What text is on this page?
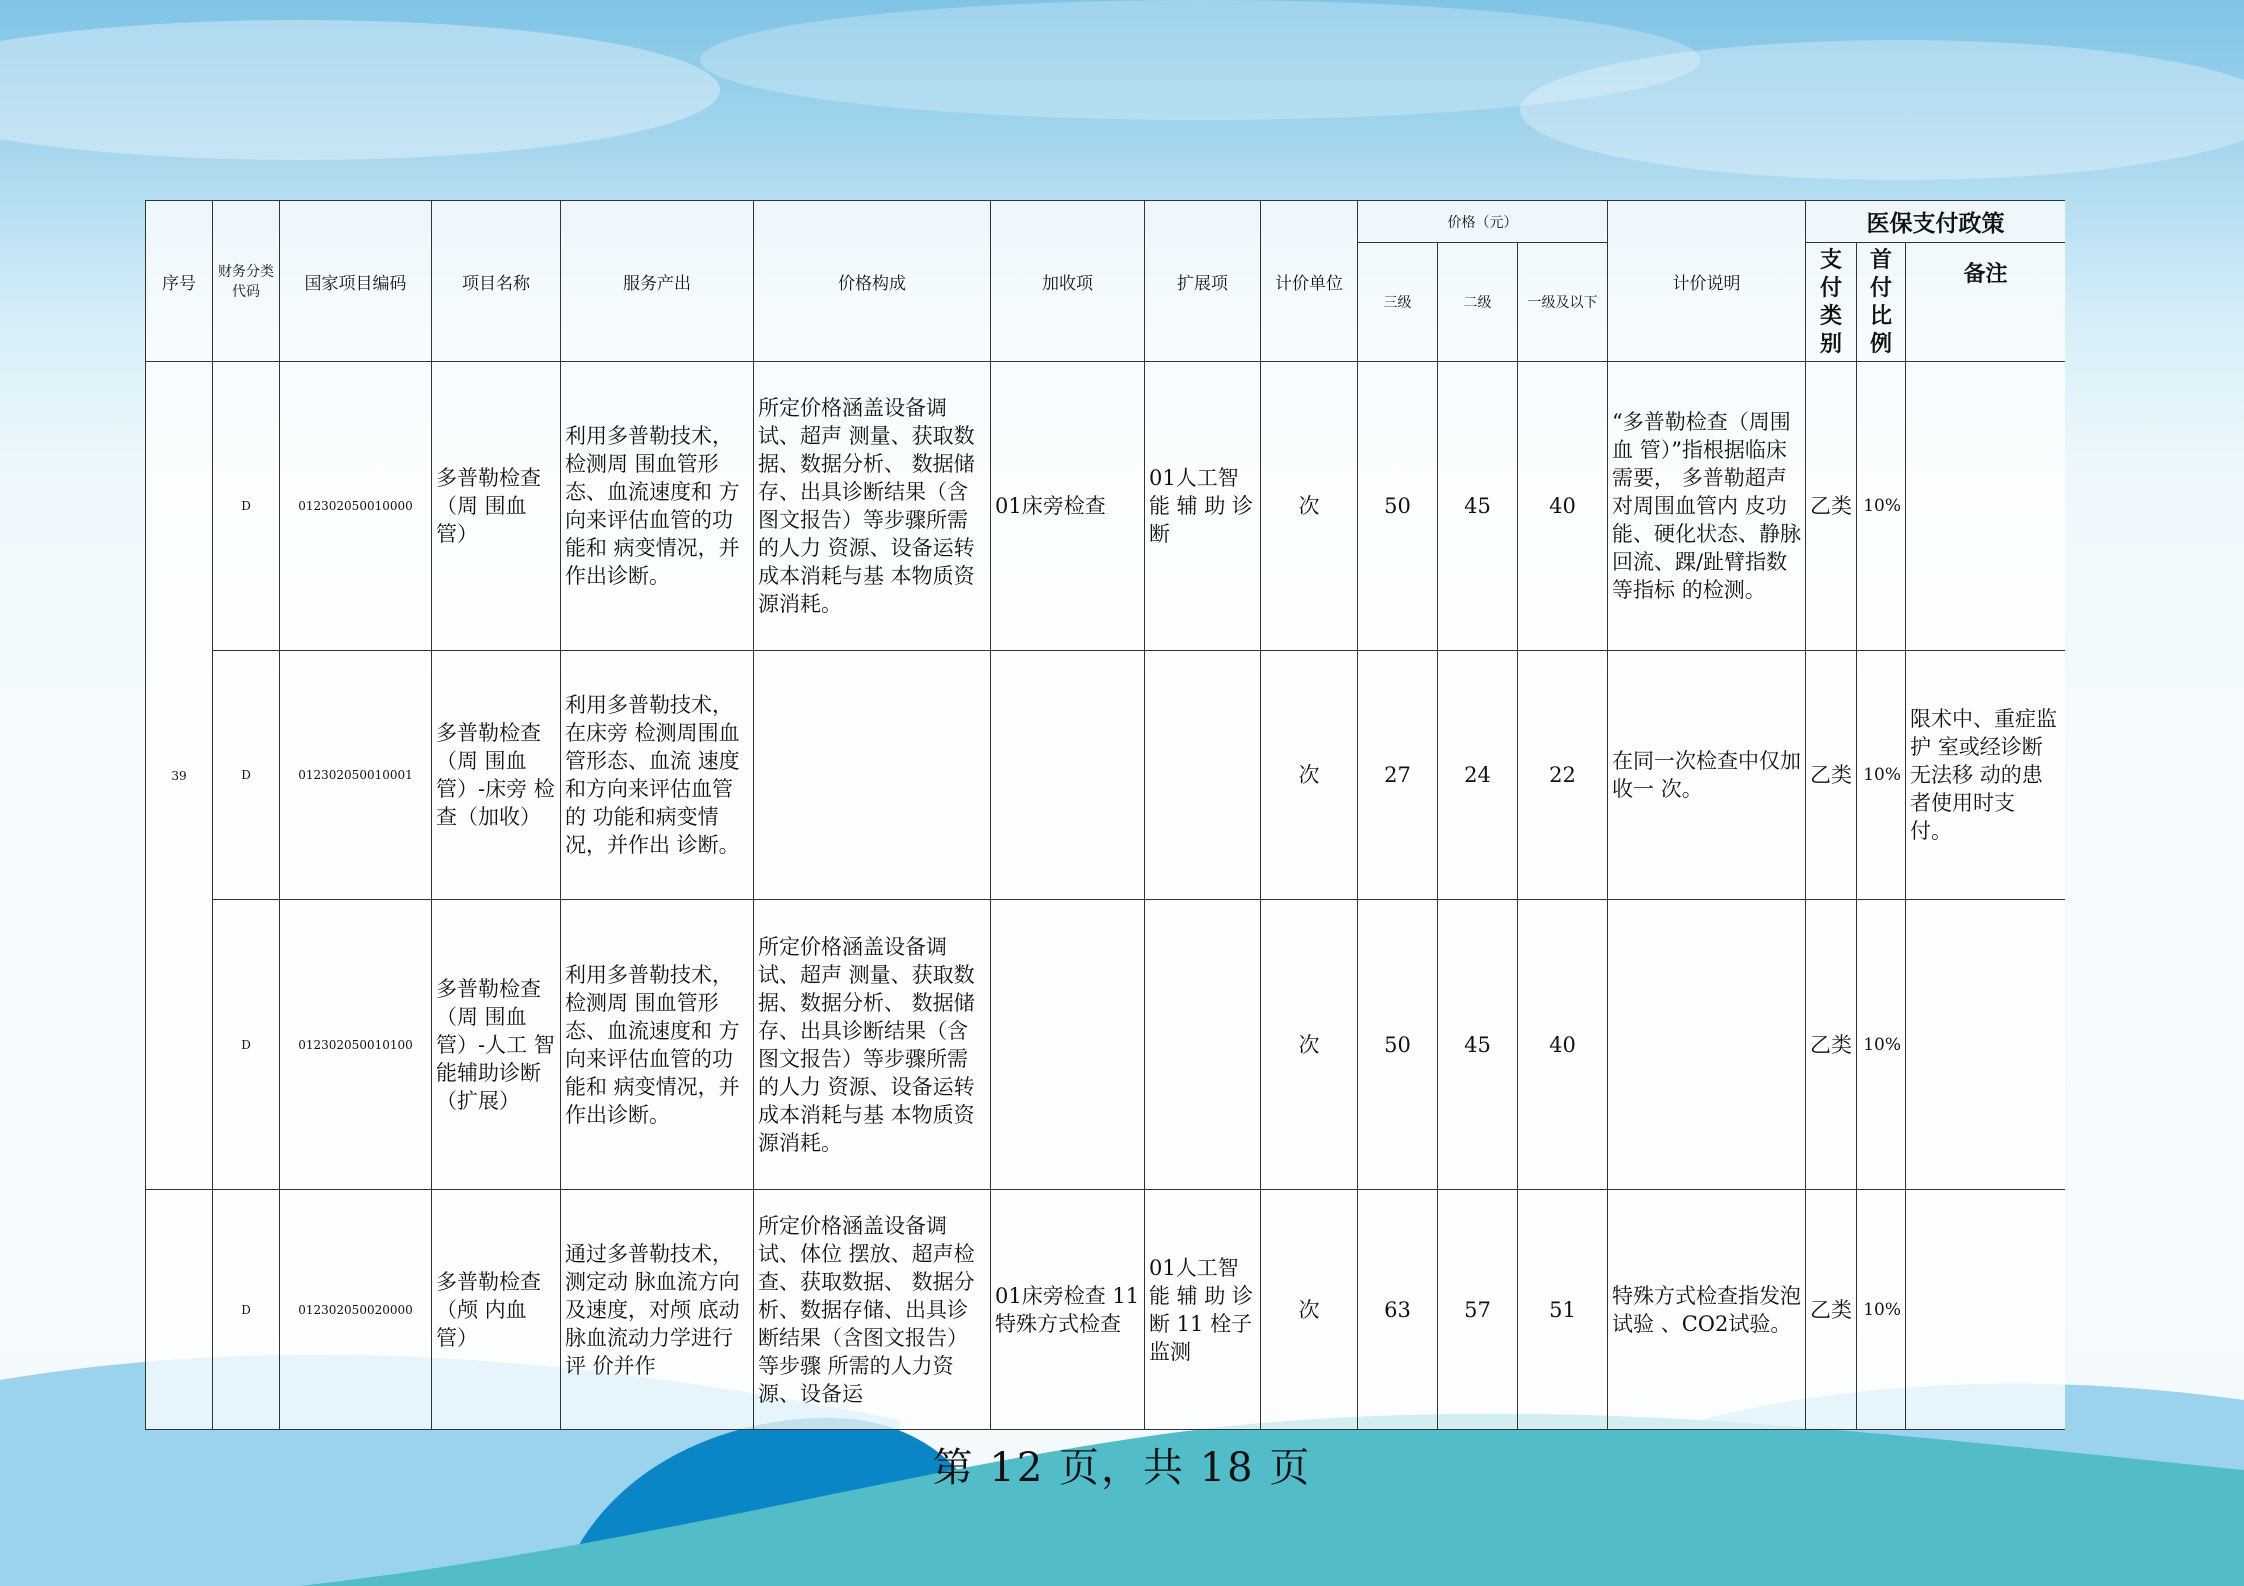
序号	财务分类代码	国家项目编码	项目名称	服务产出	价格构成	加收项	扩展项	计价单位	价格（元）			计价说明	医保支付政策		
									三级	二级	一级及以下		支付类别	首付比例	备注
39	D	012302050010000	多普勒检查（周 围血管）	利用多普勒技术，检测周 围血管形态、血流速度和 方向来评估血管的功能和 病变情况，并作出诊断。	所定价格涵盖设备调试、超声 测量、获取数据、数据分析、 数据储存、出具诊断结果（含 图文报告）等步骤所需的人力 资源、设备运转成本消耗与基 本物质资源消耗。	01床旁检查	01人工智能 辅 助 诊断	次	50	45	40	“多普勒检查（周围血 管）”指根据临床需要， 多普勒超声对周围血管内 皮功能、硬化状态、静脉 回流、踝/趾臂指数等指标 的检测。	乙类	10%	
	D	012302050010001	多普勒检查（周 围血管）-床旁 检查（加收）	利用多普勒技术，在床旁 检测周围血管形态、血流 速度和方向来评估血管的 功能和病变情况，并作出 诊断。				次	27	24	22	在同一次检查中仅加收一 次。	乙类	10%	限术中、重症监护 室或经诊断无法移 动的患者使用时支 付。
	D	012302050010100	多普勒检查（周 围血管）-人工 智能辅助诊断 （扩展）	利用多普勒技术，检测周 围血管形态、血流速度和 方向来评估血管的功能和 病变情况，并作出诊断。	所定价格涵盖设备调试、超声 测量、获取数据、数据分析、 数据储存、出具诊断结果（含 图文报告）等步骤所需的人力 资源、设备运转成本消耗与基 本物质资源消耗。			次	50	45	40		乙类	10%	
	D	012302050020000	多普勒检查（颅 内血管）	通过多普勒技术，测定动 脉血流方向及速度，对颅 底动脉血流动力学进行评 价并作	所定价格涵盖设备调试、体位 摆放、超声检查、获取数据、 数据分析、数据存储、出具诊 断结果（含图文报告）等步骤 所需的人力资源、设备运	01床旁检查 11特殊方式检查	01人工智能 辅 助 诊断 11 栓子监测	次	63	57	51	特殊方式检查指发泡试验 、CO2试验。	乙类	10%	
第 12 页，共 18 页
